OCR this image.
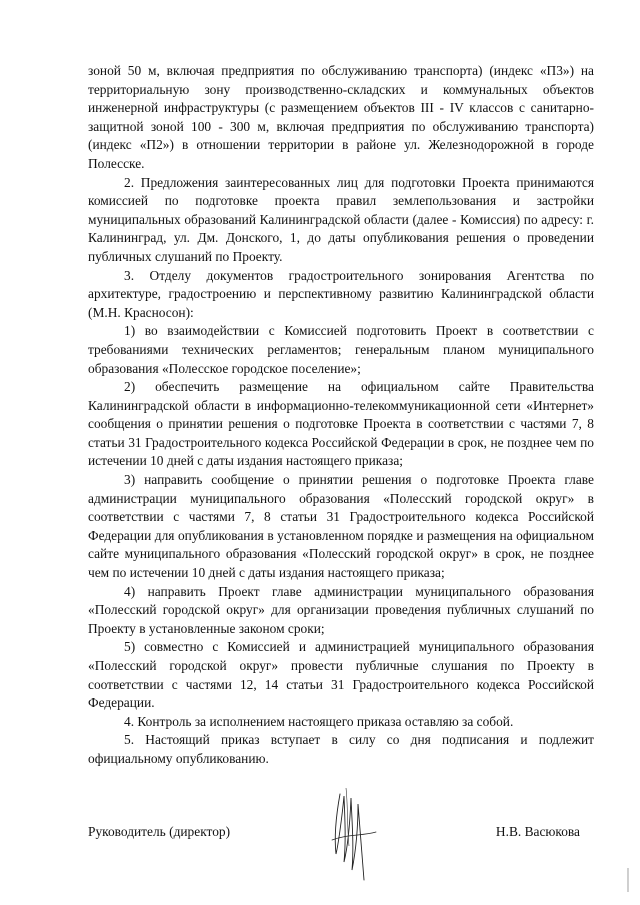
зоной 50 м, включая предприятия по обслуживанию транспорта) (индекс «П3») на территориальную зону производственно-складских и коммунальных объектов инженерной инфраструктуры (с размещением объектов III - IV классов с санитарно-защитной зоной 100 - 300 м, включая предприятия по обслуживанию транспорта) (индекс «П2») в отношении территории в районе ул. Железнодорожной в городе Полесске.

2. Предложения заинтересованных лиц для подготовки Проекта принимаются комиссией по подготовке проекта правил землепользования и застройки муниципальных образований Калининградской области (далее - Комиссия) по адресу: г. Калининград, ул. Дм. Донского, 1, до даты опубликования решения о проведении публичных слушаний по Проекту.

3. Отделу документов градостроительного зонирования Агентства по архитектуре, градостроению и перспективному развитию Калининградской области (М.Н. Красносон):

1) во взаимодействии с Комиссией подготовить Проект в соответствии с требованиями технических регламентов; генеральным планом муниципального образования «Полесское городское поселение»;

2) обеспечить размещение на официальном сайте Правительства Калининградской области в информационно-телекоммуникационной сети «Интернет» сообщения о принятии решения о подготовке Проекта в соответствии с частями 7, 8 статьи 31 Градостроительного кодекса Российской Федерации в срок, не позднее чем по истечении 10 дней с даты издания настоящего приказа;

3) направить сообщение о принятии решения о подготовке Проекта главе администрации муниципального образования «Полесский городской округ» в соответствии с частями 7, 8 статьи 31 Градостроительного кодекса Российской Федерации для опубликования в установленном порядке и размещения на официальном сайте муниципального образования «Полесский городской округ» в срок, не позднее чем по истечении 10 дней с даты издания настоящего приказа;

4) направить Проект главе администрации муниципального образования «Полесский городской округ» для организации проведения публичных слушаний по Проекту в установленные законом сроки;

5) совместно с Комиссией и администрацией муниципального образования «Полесский городской округ» провести публичные слушания по Проекту в соответствии с частями 12, 14 статьи 31 Градостроительного кодекса Российской Федерации.

4. Контроль за исполнением настоящего приказа оставляю за собой.

5. Настоящий приказ вступает в силу со дня подписания и подлежит официальному опубликованию.

Руководитель (директор)	Н.В. Васюкова
